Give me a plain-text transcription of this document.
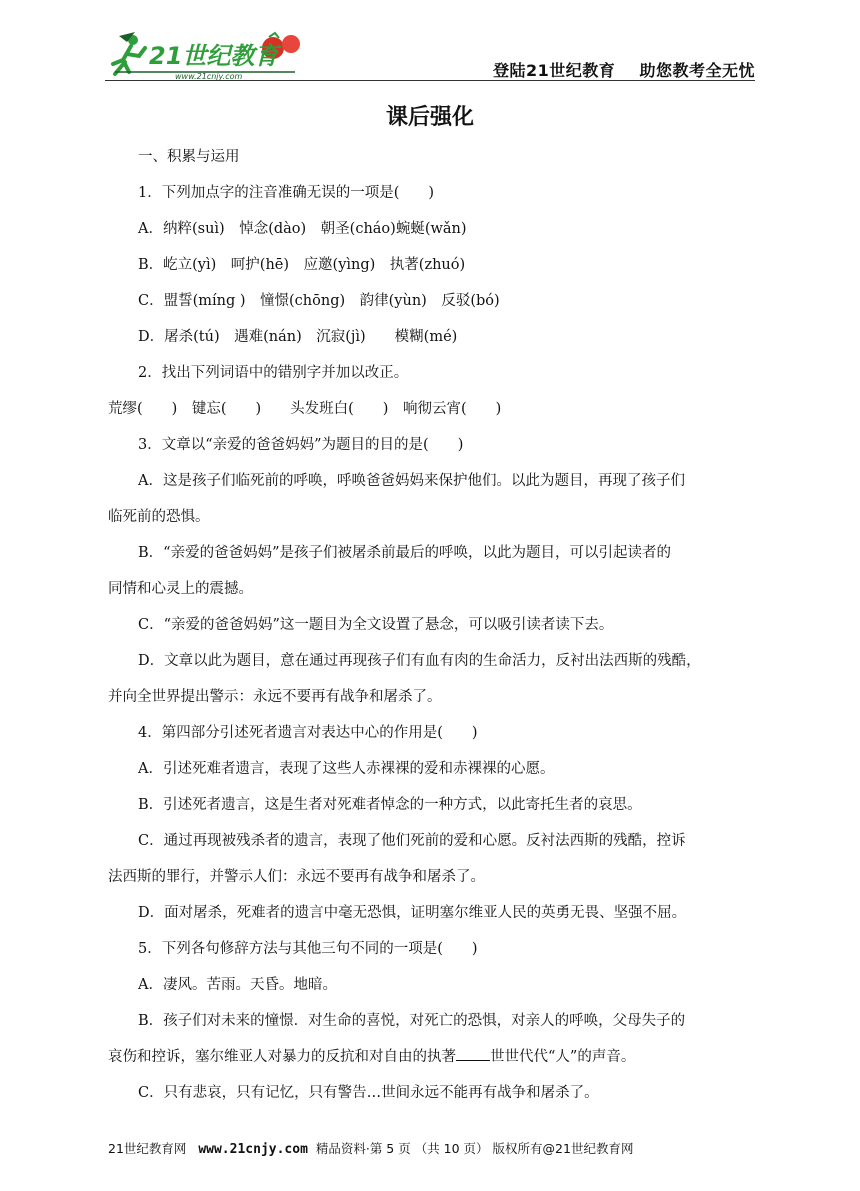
21世纪教育
www.21cnjy.com	登陆21世纪教育    助您教考全无忧
课后强化
一、积累与运用
1．下列加点字的注音准确无误的一项是(　　)
A．纳粹(suì)　悼念(dào)　朝圣(cháo)蜿蜒(wǎn)
B．屹立(yì)　呵护(hē)　应邀(yìng)　执著(zhuó)
C．盟誓(míng )　憧憬(chōng)　韵律(yùn)　反驳(bó)
D．屠杀(tú)　遇难(nán)　沉寂(jì)　　模糊(mé)
2．找出下列词语中的错别字并加以改正。
荒缪(　　)　键忘(　　)　　头发班白(　　)　响彻云宵(　　)
3．文章以“亲爱的爸爸妈妈”为题目的目的是(　　)
A．这是孩子们临死前的呼唤，呼唤爸爸妈妈来保护他们。以此为题目，再现了孩子们
临死前的恐惧。
B．“亲爱的爸爸妈妈”是孩子们被屠杀前最后的呼唤，以此为题目，可以引起读者的
同情和心灵上的震撼。
C．“亲爱的爸爸妈妈”这一题目为全文设置了悬念，可以吸引读者读下去。
D．文章以此为题目，意在通过再现孩子们有血有肉的生命活力，反衬出法西斯的残酷，
并向全世界提出警示：永远不要再有战争和屠杀了。
4．第四部分引述死者遗言对表达中心的作用是(　　)
A．引述死难者遗言，表现了这些人赤裸裸的爱和赤裸裸的心愿。
B．引述死者遗言，这是生者对死难者悼念的一种方式，以此寄托生者的哀思。
C．通过再现被残杀者的遗言，表现了他们死前的爱和心愿。反衬法西斯的残酷，控诉
法西斯的罪行，并警示人们：永远不要再有战争和屠杀了。
D．面对屠杀，死难者的遗言中毫无恐惧，证明塞尔维亚人民的英勇无畏、坚强不屈。
5．下列各句修辞方法与其他三句不同的一项是(　　)
A．凄风。苦雨。天昏。地暗。
B．孩子们对未来的憧憬．对生命的喜悦，对死亡的恐惧，对亲人的呼唤，父母失子的
哀伤和控诉，塞尔维亚人对暴力的反抗和对自由的执著 世世代代“人”的声音。
C．只有悲哀，只有记忆，只有警告…世间永远不能再有战争和屠杀了。
21世纪教育网 www.21cnjy.com 精品资料·第 5 页 （共 10 页） 版权所有@21世纪教育网
